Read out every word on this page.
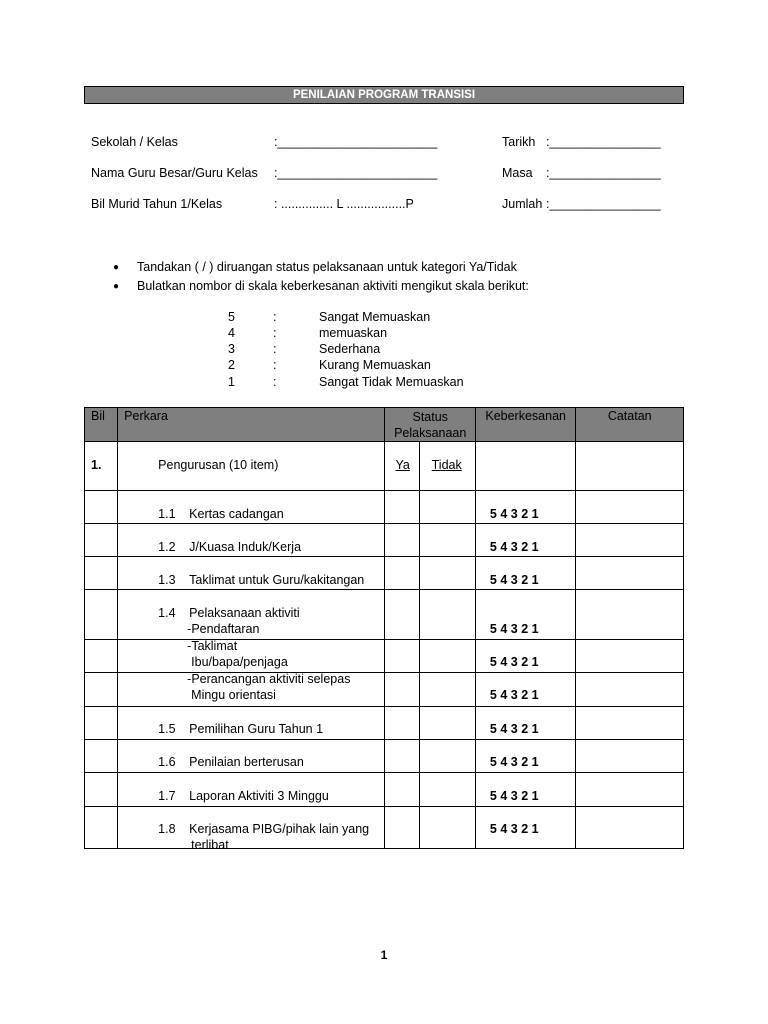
PENILAIAN PROGRAM TRANSISI
Sekolah / Kelas	:_______________________
Nama Guru Besar/Guru Kelas :_______________________
Bil Murid Tahun 1/Kelas	: ............... L .................P
Tarikh :________________
Masa :________________
Jumlah :________________
● Tandakan ( / ) diruangan status pelaksanaan untuk kategori Ya/Tidak
● Bulatkan nombor di skala keberkesanan aktiviti mengikut skala berikut:
5	:	Sangat Memuaskan
4	:	memuaskan
3	:	Sederhana
2	:	Kurang Memuaskan
1	:	Sangat Tidak Memuaskan
Bil	Perkara	Status
Pelaksanaan		Keberkesanan	Catatan

1.	Pengurusan (10 item)	Ya	Tidak		

	1.1 Kertas cadangan			5 4 3 2 1	

	1.2 J/Kuasa Induk/Kerja			5 4 3 2 1	

	1.3 Taklimat untuk Guru/kakitangan			5 4 3 2 1	

	1.4 Pelaksanaan aktiviti
-Pendaftaran			5 4 3 2 1	

	-Taklimat
Ibu/bapa/penjaga			5 4 3 2 1	

	-Perancangan aktiviti selepas
Mingu orientasi			5 4 3 2 1	

	1.5 Pemilihan Guru Tahun 1			5 4 3 2 1	

	1.6 Penilaian berterusan			5 4 3 2 1	

	1.7 Laporan Aktiviti 3 Minggu			5 4 3 2 1	

	1.8 Kerjasama PIBG/pihak lain yang
terlibat			5 4 3 2 1	

1
